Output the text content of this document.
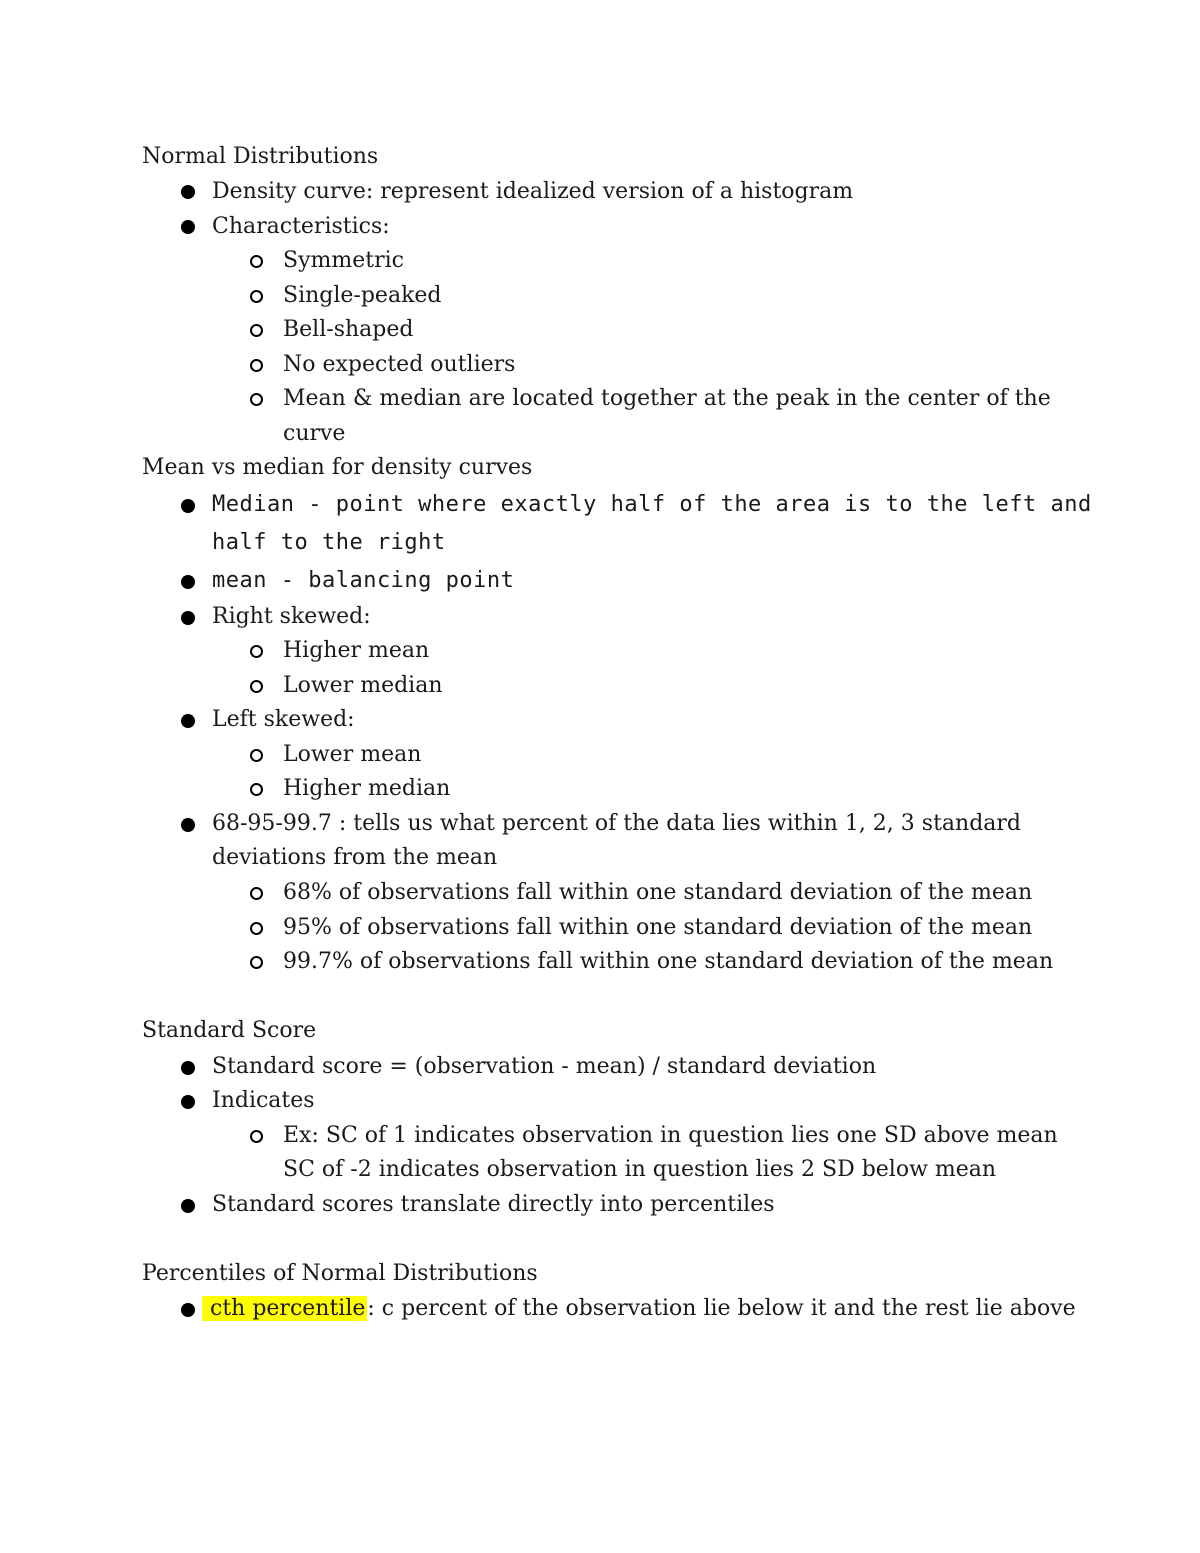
Normal Distributions
Density curve: represent idealized version of a histogram
Characteristics:
Symmetric
Single-peaked
Bell-shaped
No expected outliers
Mean & median are located together at the peak in the center of the
curve
Mean vs median for density curves
Median - point where exactly half of the area is to the left and
half to the right
mean - balancing point
Right skewed:
Higher mean
Lower median
Left skewed:
Lower mean
Higher median
68-95-99.7 : tells us what percent of the data lies within 1, 2, 3 standard
deviations from the mean
68% of observations fall within one standard deviation of the mean
95% of observations fall within one standard deviation of the mean
99.7% of observations fall within one standard deviation of the mean
Standard Score
Standard score = (observation - mean) / standard deviation
Indicates
Ex: SC of 1 indicates observation in question lies one SD above mean
SC of -2 indicates observation in question lies 2 SD below mean
Standard scores translate directly into percentiles
Percentiles of Normal Distributions
cth percentile: c percent of the observation lie below it and the rest lie above
